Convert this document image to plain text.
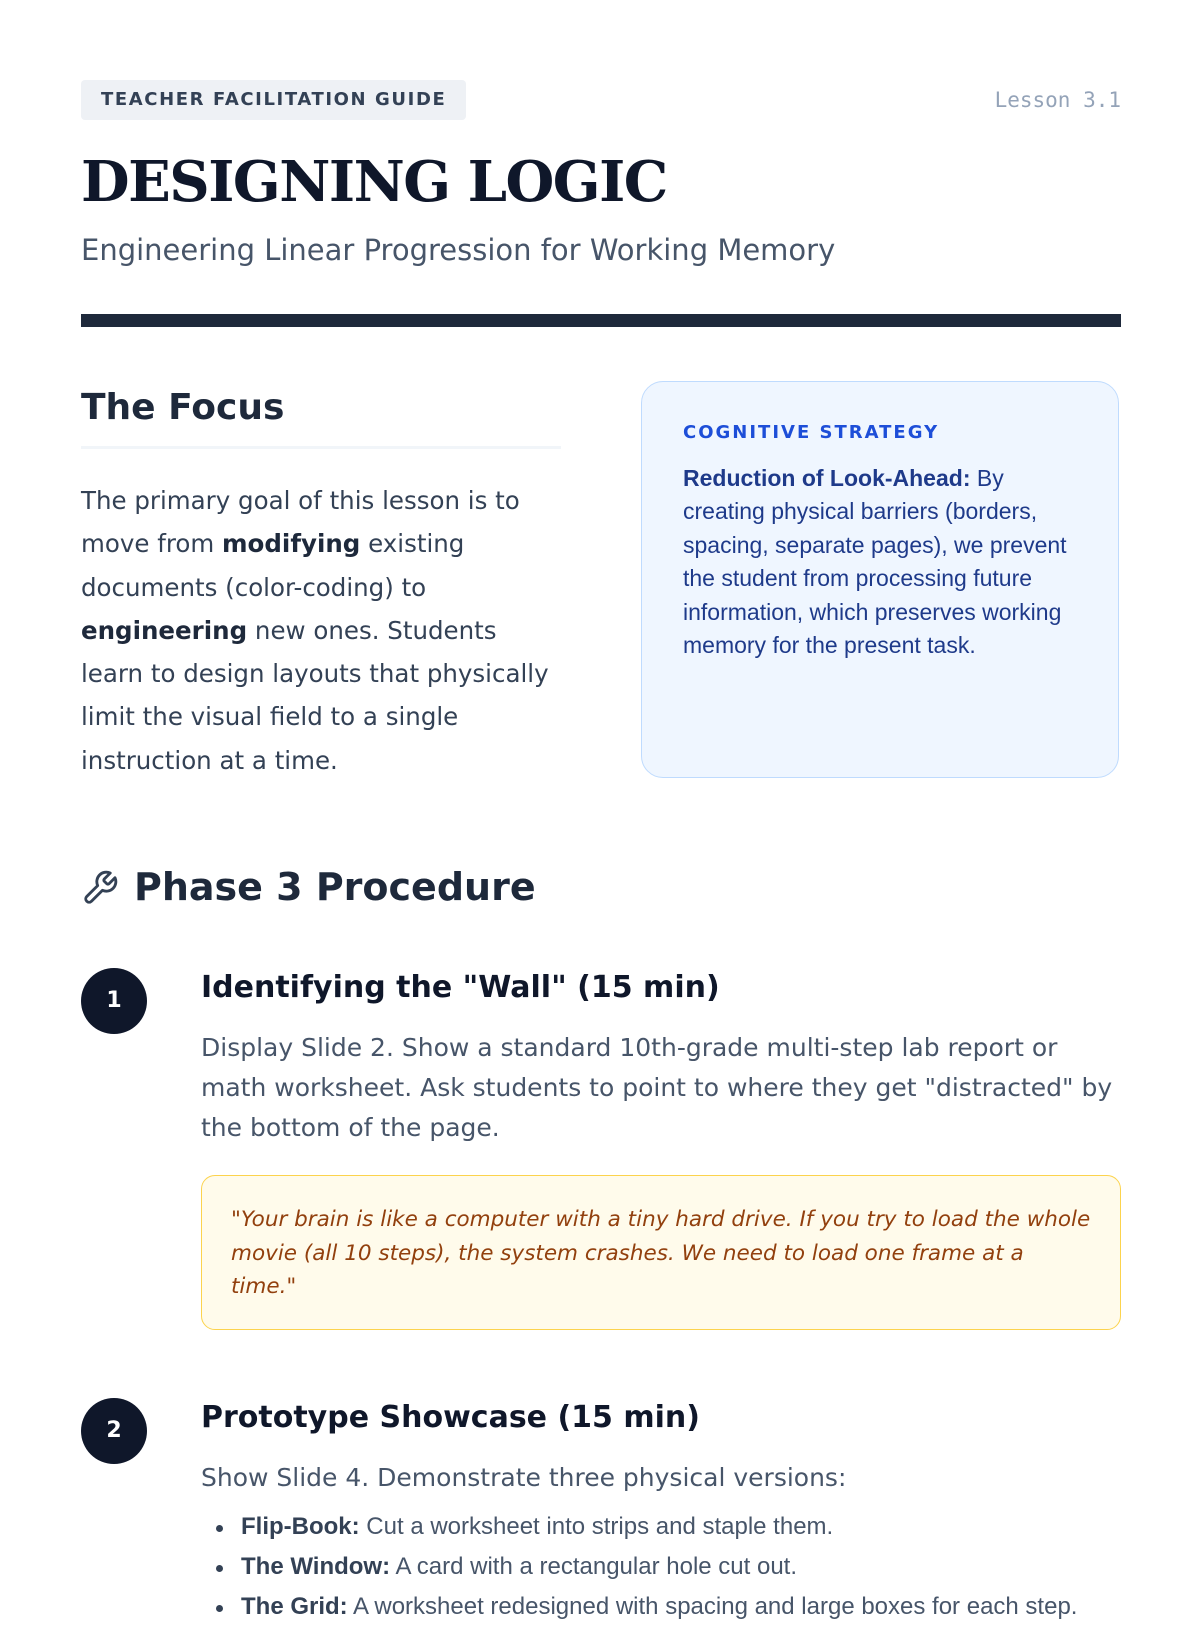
TEACHER FACILITATION GUIDE	Lesson 3.1
DESIGNING LOGIC
Engineering Linear Progression for Working Memory
The Focus

The primary goal of this lesson is to move from modifying existing documents (color-coding) to engineering new ones. Students learn to design layouts that physically limit the visual field to a single instruction at a time.

COGNITIVE STRATEGY

Reduction of Look-Ahead: By creating physical barriers (borders, spacing, separate pages), we prevent the student from processing future information, which preserves working memory for the present task.

Phase 3 Procedure
1	Identifying the "Wall" (15 min)

Display Slide 2. Show a standard 10th-grade multi-step lab report or math worksheet. Ask students to point to where they get "distracted" by the bottom of the page.

"Your brain is like a computer with a tiny hard drive. If you try to load the whole movie (all 10 steps), the system crashes. We need to load one frame at a time."

2	Prototype Showcase (15 min)

Show Slide 4. Demonstrate three physical versions:

Flip-Book: Cut a worksheet into strips and staple them.
The Window: A card with a rectangular hole cut out.
The Grid: A worksheet redesigned with spacing and large boxes for each step.
